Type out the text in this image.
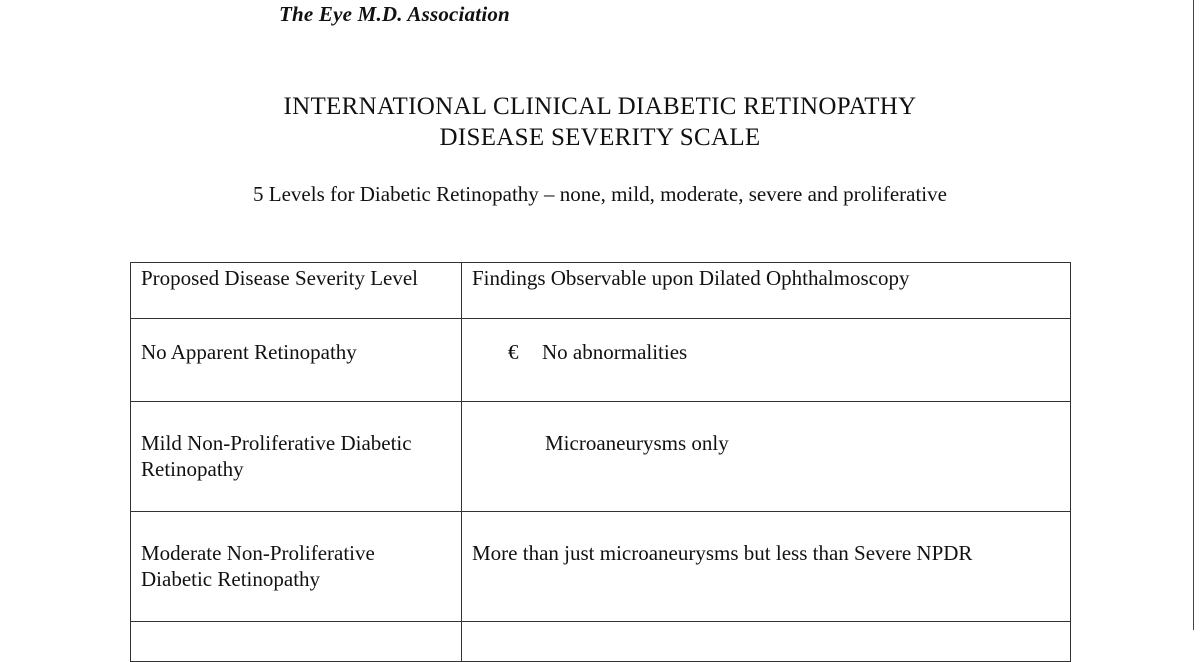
The Eye M.D. Association
INTERNATIONAL CLINICAL DIABETIC RETINOPATHY
DISEASE SEVERITY SCALE
5 Levels for Diabetic Retinopathy – none, mild, moderate, severe and proliferative
Proposed Disease Severity Level	Findings Observable upon Dilated Ophthalmoscopy
No Apparent Retinopathy	€ No abnormalities

Mild Non-Proliferative Diabetic Retinopathy	Microaneurysms only

Moderate Non-Proliferative Diabetic Retinopathy	More than just microaneurysms but less than Severe NPDR
